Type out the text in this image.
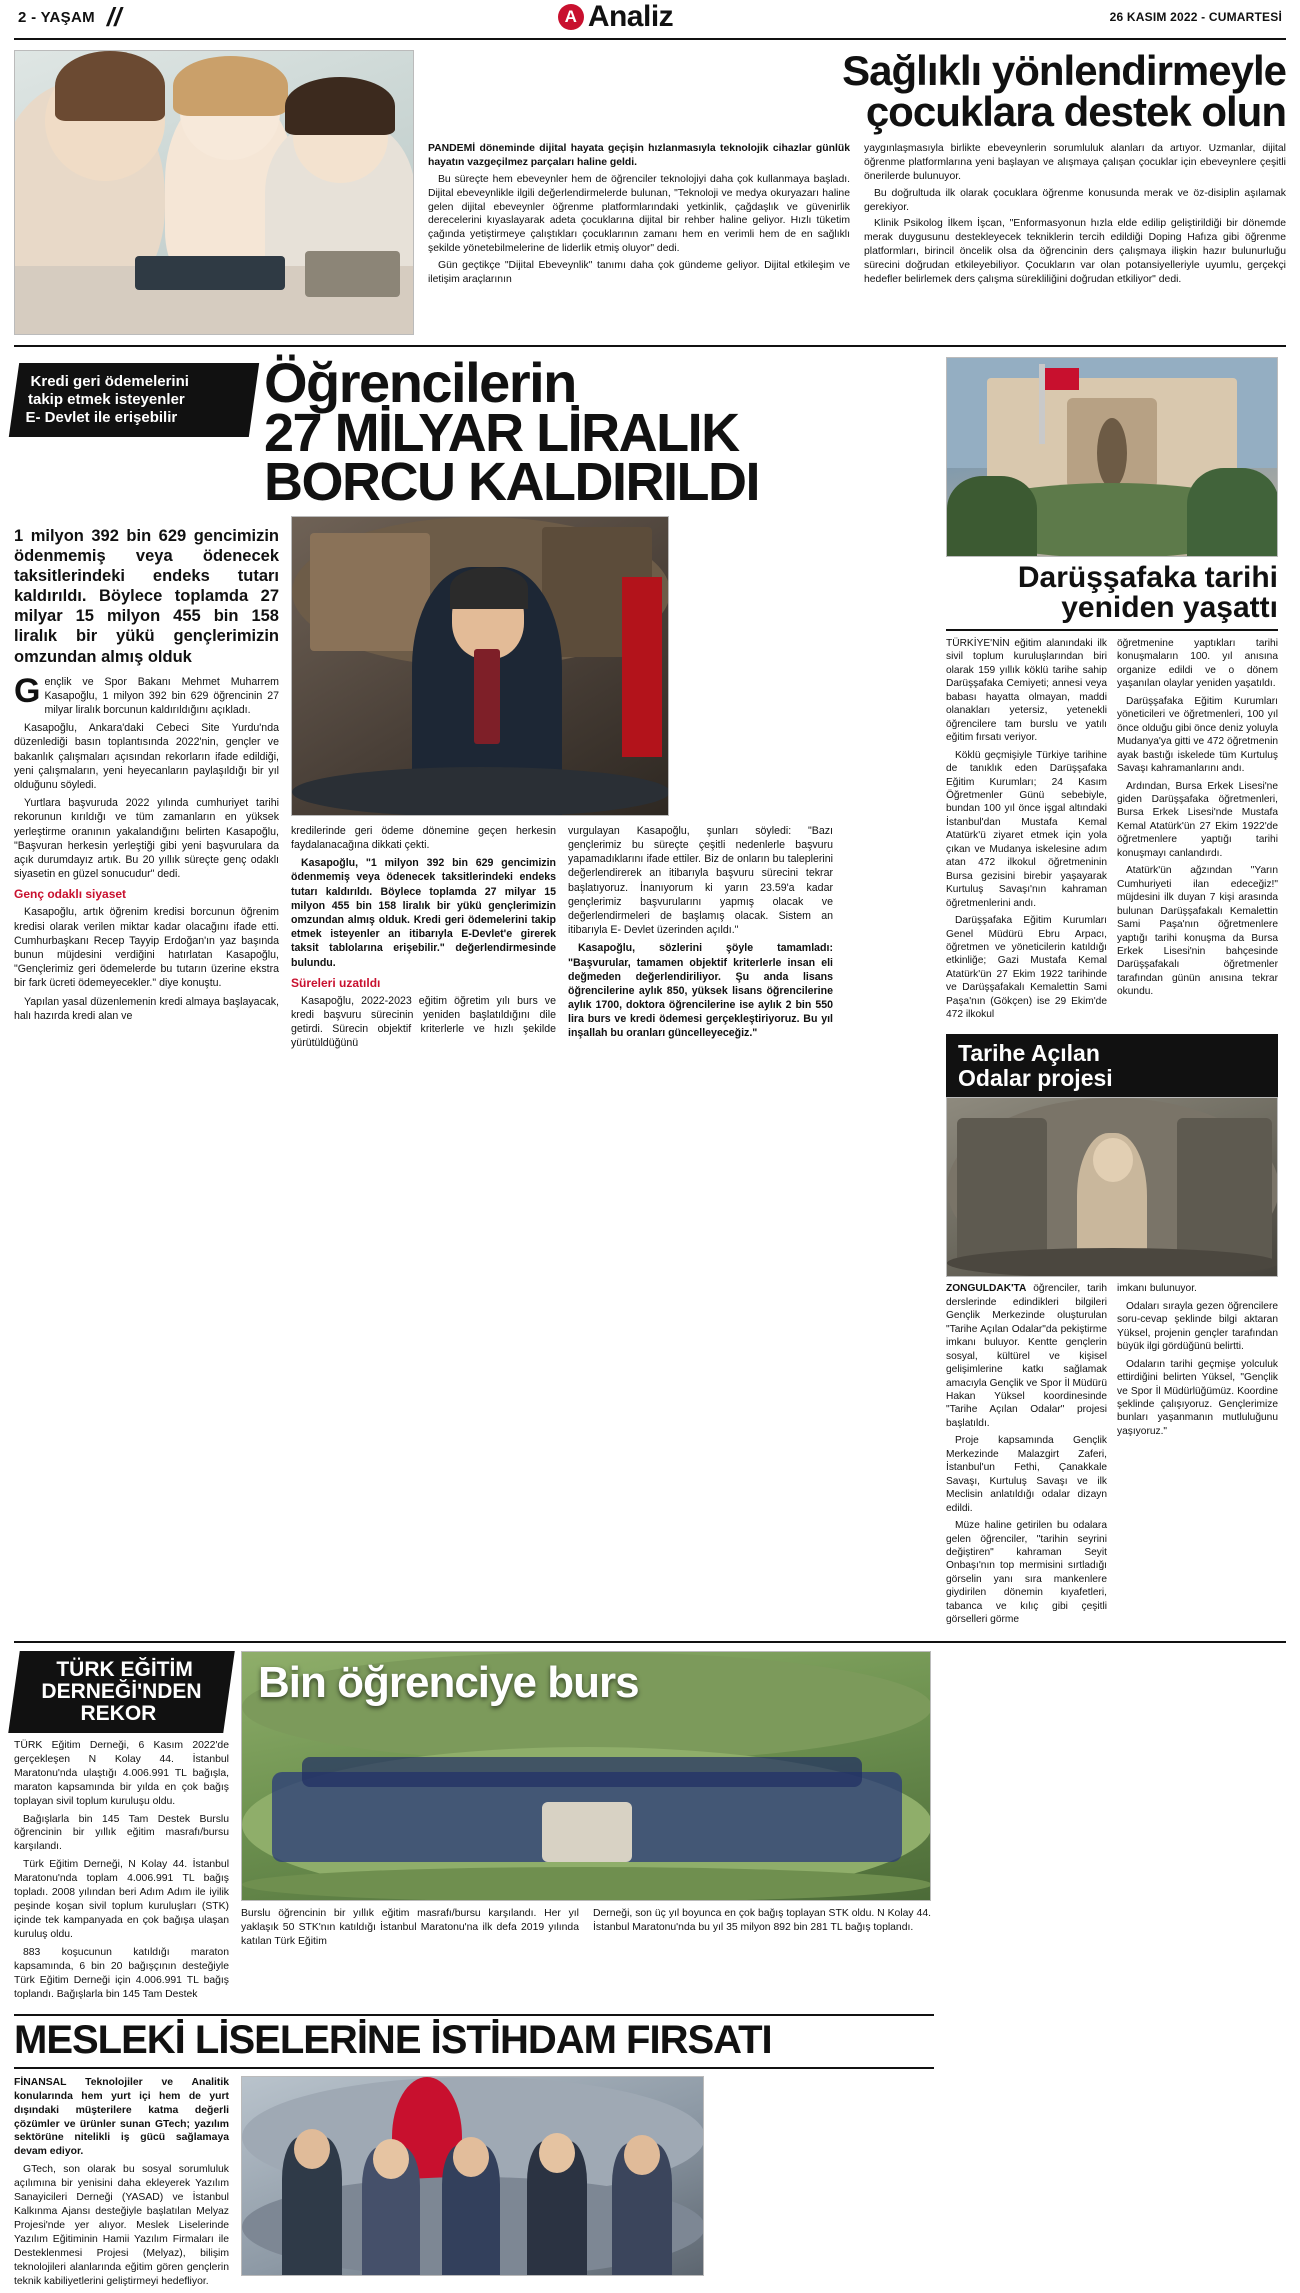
2 - YAŞAM //	A Analiz	26 KASIM 2022 - CUMARTESİ
Sağlıklı yönlendirmeyle
çocuklara destek olun

PANDEMİ döneminde dijital hayata geçişin hızlanmasıyla teknolojik cihazlar günlük hayatın vazgeçilmez parçaları haline geldi.

Bu süreçte hem ebeveynler hem de öğrenciler teknolojiyi daha çok kullanmaya başladı. Dijital ebeveynlikle ilgili değerlendirmelerde bulunan, "Teknoloji ve medya okuryazarı haline gelen dijital ebeveynler öğrenme platformlarındaki yetkinlik, çağdaşlık ve güvenirlik derecelerini kıyaslayarak adeta çocuklarına dijital bir rehber haline geliyor. Hızlı tüketim çağında yetiştirmeye çalıştıkları çocuklarının zamanı hem en verimli hem de en sağlıklı şekilde yönetebilmelerine de liderlik etmiş oluyor" dedi.

Gün geçtikçe "Dijital Ebeveynlik" tanımı daha çok gündeme geliyor. Dijital etkileşim ve iletişim araçlarının

yaygınlaşmasıyla birlikte ebeveynlerin sorumluluk alanları da artıyor. Uzmanlar, dijital öğrenme platformlarına yeni başlayan ve alışmaya çalışan çocuklar için ebeveynlere çeşitli önerilerde bulunuyor.

Bu doğrultuda ilk olarak çocuklara öğrenme konusunda merak ve öz-disiplin aşılamak gerekiyor.

Klinik Psikolog İlkem İşcan, "Enformasyonun hızla elde edilip geliştirildiği bir dönemde merak duygusunu destekleyecek tekniklerin tercih edildiği Doping Hafıza gibi öğrenme platformları, birincil öncelik olsa da öğrencinin ders çalışmaya ilişkin hazır bulunurluğu sürecini doğrudan etkileyebiliyor. Çocukların var olan potansiyelleriyle uyumlu, gerçekçi hedefler belirlemek ders çalışma sürekliliğini doğrudan etkiliyor" dedi.

Kredi geri ödemelerini
takip etmek isteyenler
E- Devlet ile erişebilir
Öğrencilerin
27 MİLYAR LİRALIK
BORCU KALDIRILDI
1 milyon 392 bin 629 gencimizin ödenmemiş veya ödenecek taksitlerindeki endeks tutarı kaldırıldı. Böylece toplamda 27 milyar 15 milyon 455 bin 158 liralık bir yükü gençlerimizin omzundan almış olduk

Gençlik ve Spor Bakanı Mehmet Muharrem Kasapoğlu, 1 milyon 392 bin 629 öğrencinin 27 milyar liralık borcunun kaldırıldığını açıkladı.

Kasapoğlu, Ankara'daki Cebeci Site Yurdu'nda düzenlediği basın toplantısında 2022'nin, gençler ve bakanlık çalışmaları açısından rekorların ifade edildiği, yeni çalışmaların, yeni heyecanların paylaşıldığı bir yıl olduğunu söyledi.

Yurtlara başvuruda 2022 yılında cumhuriyet tarihi rekorunun kırıldığı ve tüm zamanların en yüksek yerleştirme oranının yakalandığını belirten Kasapoğlu, "Başvuran herkesin yerleştiği gibi yeni başvurulara da açık durumdayız artık. Bu 20 yıllık süreçte genç odaklı siyasetin en güzel sonucudur" dedi.

Genç odaklı siyaset

Kasapoğlu, artık öğrenim kredisi borcunun öğrenim kredisi olarak verilen miktar kadar olacağını ifade etti. Cumhurbaşkanı Recep Tayyip Erdoğan'ın yaz başında bunun müjdesini verdiğini hatırlatan Kasapoğlu, "Gençlerimiz geri ödemelerde bu tutarın üzerine ekstra bir fark ücreti ödemeyecekler." diye konuştu.

Yapılan yasal düzenlemenin kredi almaya başlayacak, halı hazırda kredi alan ve

kredilerinde geri ödeme dönemine geçen herkesin faydalanacağına dikkati çekti.

Kasapoğlu, "1 milyon 392 bin 629 gencimizin ödenmemiş veya ödenecek taksitlerindeki endeks tutarı kaldırıldı. Böylece toplamda 27 milyar 15 milyon 455 bin 158 liralık bir yükü gençlerimizin omzundan almış olduk. Kredi geri ödemelerini takip etmek isteyenler an itibarıyla E-Devlet'e girerek taksit tablolarına erişebilir." değerlendirmesinde bulundu.

Süreleri uzatıldı

Kasapoğlu, 2022-2023 eğitim öğretim yılı burs ve kredi başvuru sürecinin yeniden başlatıldığını dile getirdi. Sürecin objektif kriterlerle ve hızlı şekilde yürütüldüğünü

vurgulayan Kasapoğlu, şunları söyledi: "Bazı gençlerimiz bu süreçte çeşitli nedenlerle başvuru yapamadıklarını ifade ettiler. Biz de onların bu taleplerini değerlendirerek an itibarıyla başvuru sürecini tekrar başlatıyoruz. İnanıyorum ki yarın 23.59'a kadar gençlerimiz başvurularını yapmış olacak ve değerlendirmeleri de başlamış olacak. Sistem an itibarıyla E- Devlet üzerinden açıldı."

Kasapoğlu, sözlerini şöyle tamamladı: "Başvurular, tamamen objektif kriterlerle insan eli değmeden değerlendiriliyor. Şu anda lisans öğrencilerine aylık 850, yüksek lisans öğrencilerine aylık 1700, doktora öğrencilerine ise aylık 2 bin 550 lira burs ve kredi ödemesi gerçekleştiriyoruz. Bu yıl inşallah bu oranları güncelleyeceğiz."

Darüşşafaka tarihi
yeniden yaşattı

TÜRKİYE'NİN eğitim alanındaki ilk sivil toplum kuruluşlarından biri olarak 159 yıllık köklü tarihe sahip Darüşşafaka Cemiyeti; annesi veya babası hayatta olmayan, maddi olanakları yetersiz, yetenekli öğrencilere tam burslu ve yatılı eğitim fırsatı veriyor.

Köklü geçmişiyle Türkiye tarihine de tanıklık eden Darüşşafaka Eğitim Kurumları; 24 Kasım Öğretmenler Günü sebebiyle, bundan 100 yıl önce işgal altındaki İstanbul'dan Mustafa Kemal Atatürk'ü ziyaret etmek için yola çıkan ve Mudanya iskelesine adım atan 472 ilkokul öğretmeninin Bursa gezisini birebir yaşayarak Kurtuluş Savaşı'nın kahraman öğretmenlerini andı.

Darüşşafaka Eğitim Kurumları Genel Müdürü Ebru Arpacı, öğretmen ve yöneticilerin katıldığı etkinliğe; Gazi Mustafa Kemal Atatürk'ün 27 Ekim 1922 tarihinde ve Darüşşafakalı Kemalettin Sami Paşa'nın (Gökçen) ise 29 Ekim'de 472 ilkokul

öğretmenine yaptıkları tarihi konuşmaların 100. yıl anısına organize edildi ve o dönem yaşanılan olaylar yeniden yaşatıldı.

Darüşşafaka Eğitim Kurumları yöneticileri ve öğretmenleri, 100 yıl önce olduğu gibi önce deniz yoluyla Mudanya'ya gitti ve 472 öğretmenin ayak bastığı iskelede tüm Kurtuluş Savaşı kahramanlarını andı.

Ardından, Bursa Erkek Lisesi'ne giden Darüşşafaka öğretmenleri, Bursa Erkek Lisesi'nde Mustafa Kemal Atatürk'ün 27 Ekim 1922'de öğretmenlere yaptığı tarihi konuşmayı canlandırdı.

Atatürk'ün ağzından "Yarın Cumhuriyeti ilan edeceğiz!" müjdesini ilk duyan 7 kişi arasında bulunan Darüşşafakalı Kemalettin Sami Paşa'nın öğretmenlere yaptığı tarihi konuşma da Bursa Erkek Lisesi'nin bahçesinde Darüşşafakalı öğretmenler tarafından günün anısına tekrar okundu.

Tarihe Açılan
Odalar projesi

ZONGULDAK'TA öğrenciler, tarih derslerinde edindikleri bilgileri Gençlik Merkezinde oluşturulan "Tarihe Açılan Odalar"da pekiştirme imkanı buluyor. Kentte gençlerin sosyal, kültürel ve kişisel gelişimlerine katkı sağlamak amacıyla Gençlik ve Spor İl Müdürü Hakan Yüksel koordinesinde "Tarihe Açılan Odalar" projesi başlatıldı.

Proje kapsamında Gençlik Merkezinde Malazgirt Zaferi, İstanbul'un Fethi, Çanakkale Savaşı, Kurtuluş Savaşı ve ilk Meclisin anlatıldığı odalar dizayn edildi.

Müze haline getirilen bu odalara gelen öğrenciler, "tarihin seyrini değiştiren" kahraman Seyit Onbaşı'nın top mermisini sırtladığı görselin yanı sıra mankenlere giydirilen dönemin kıyafetleri, tabanca ve kılıç gibi çeşitli görselleri görme

imkanı bulunuyor.

Odaları sırayla gezen öğrencilere soru-cevap şeklinde bilgi aktaran Yüksel, projenin gençler tarafından büyük ilgi gördüğünü belirtti.

Odaların tarihi geçmişe yolculuk ettirdiğini belirten Yüksel, "Gençlik ve Spor İl Müdürlüğümüz. Koordine şeklinde çalışıyoruz. Gençlerimize bunları yaşanmanın mutluluğunu yaşıyoruz."

TÜRK EĞİTİM
DERNEĞİ'NDEN
REKOR

TÜRK Eğitim Derneği, 6 Kasım 2022'de gerçekleşen N Kolay 44. İstanbul Maratonu'nda ulaştığı 4.006.991 TL bağışla, maraton kapsamında bir yılda en çok bağış toplayan sivil toplum kuruluşu oldu.

Bağışlarla bin 145 Tam Destek Burslu öğrencinin bir yıllık eğitim masrafı/bursu karşılandı.

Türk Eğitim Derneği, N Kolay 44. İstanbul Maratonu'nda toplam 4.006.991 TL bağış topladı. 2008 yılından beri Adım Adım ile iyilik peşinde koşan sivil toplum kuruluşları (STK) içinde tek kampanyada en çok bağışa ulaşan kuruluş oldu.

883 koşucunun katıldığı maraton kapsamında, 6 bin 20 bağışçının desteğiyle Türk Eğitim Derneği için 4.006.991 TL bağış toplandı. Bağışlarla bin 145 Tam Destek

Bin öğrenciye burs
Burslu öğrencinin bir yıllık eğitim masrafı/bursu karşılandı. Her yıl yaklaşık 50 STK'nın katıldığı İstanbul Maratonu'na ilk defa 2019 yılında katılan Türk Eğitim
Derneği, son üç yıl boyunca en çok bağış toplayan STK oldu. N Kolay 44. İstanbul Maratonu'nda bu yıl 35 milyon 892 bin 281 TL bağış toplandı.
MESLEKİ LİSELERİNE İSTİHDAM FIRSATI

FİNANSAL Teknolojiler ve Analitik konularında hem yurt içi hem de yurt dışındaki müşterilere katma değerli çözümler ve ürünler sunan GTech; yazılım sektörüne nitelikli iş gücü sağlamaya devam ediyor.

GTech, son olarak bu sosyal sorumluluk açılımına bir yenisini daha ekleyerek Yazılım Sanayicileri Derneği (YASAD) ve İstanbul Kalkınma Ajansı desteğiyle başlatılan Melyaz Projesi'nde yer alıyor. Meslek Liselerinde Yazılım Eğitiminin Hamii Yazılım Firmaları ile Desteklenmesi Projesi (Melyaz), bilişim teknolojileri alanlarında eğitim gören gençlerin teknik kabiliyetlerini geliştirmeyi hedefliyor.
